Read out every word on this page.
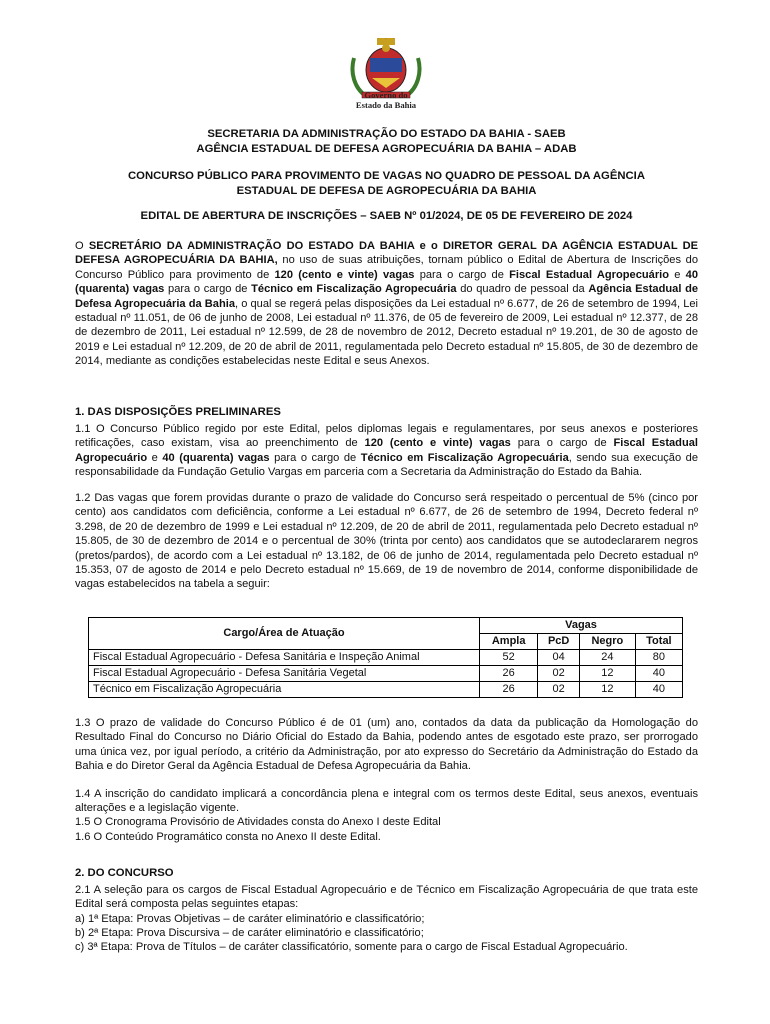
Governo do
Estado da Bahia
SECRETARIA DA ADMINISTRAÇÃO DO ESTADO DA BAHIA - SAEB
AGÊNCIA ESTADUAL DE DEFESA AGROPECUÁRIA DA BAHIA – ADAB
CONCURSO PÚBLICO PARA PROVIMENTO DE VAGAS NO QUADRO DE PESSOAL DA AGÊNCIA
ESTADUAL DE DEFESA DE AGROPECUÁRIA DA BAHIA
EDITAL DE ABERTURA DE INSCRIÇÕES – SAEB Nº 01/2024, DE 05 DE FEVEREIRO DE 2024
O SECRETÁRIO DA ADMINISTRAÇÃO DO ESTADO DA BAHIA e o DIRETOR GERAL DA AGÊNCIA ESTADUAL DE DEFESA AGROPECUÁRIA DA BAHIA, no uso de suas atribuições, tornam público o Edital de Abertura de Inscrições do Concurso Público para provimento de 120 (cento e vinte) vagas para o cargo de Fiscal Estadual Agropecuário e 40 (quarenta) vagas para o cargo de Técnico em Fiscalização Agropecuária do quadro de pessoal da Agência Estadual de Defesa Agropecuária da Bahia, o qual se regerá pelas disposições da Lei estadual nº 6.677, de 26 de setembro de 1994, Lei estadual nº 11.051, de 06 de junho de 2008, Lei estadual nº 11.376, de 05 de fevereiro de 2009, Lei estadual nº 12.377, de 28 de dezembro de 2011, Lei estadual nº 12.599, de 28 de novembro de 2012, Decreto estadual nº 19.201, de 30 de agosto de 2019 e Lei estadual nº 12.209, de 20 de abril de 2011, regulamentada pelo Decreto estadual nº 15.805, de 30 de dezembro de 2014, mediante as condições estabelecidas neste Edital e seus Anexos.
1. DAS DISPOSIÇÕES PRELIMINARES
1.1 O Concurso Público regido por este Edital, pelos diplomas legais e regulamentares, por seus anexos e posteriores retificações, caso existam, visa ao preenchimento de 120 (cento e vinte) vagas para o cargo de Fiscal Estadual Agropecuário e 40 (quarenta) vagas para o cargo de Técnico em Fiscalização Agropecuária, sendo sua execução de responsabilidade da Fundação Getulio Vargas em parceria com a Secretaria da Administração do Estado da Bahia.
1.2 Das vagas que forem providas durante o prazo de validade do Concurso será respeitado o percentual de 5% (cinco por cento) aos candidatos com deficiência, conforme a Lei estadual nº 6.677, de 26 de setembro de 1994, Decreto federal nº 3.298, de 20 de dezembro de 1999 e Lei estadual nº 12.209, de 20 de abril de 2011, regulamentada pelo Decreto estadual nº 15.805, de 30 de dezembro de 2014 e o percentual de 30% (trinta por cento) aos candidatos que se autodeclararem negros (pretos/pardos), de acordo com a Lei estadual nº 13.182, de 06 de junho de 2014, regulamentada pelo Decreto estadual nº 15.353, 07 de agosto de 2014 e pelo Decreto estadual nº 15.669, de 19 de novembro de 2014, conforme disponibilidade de vagas estabelecidos na tabela a seguir:
Cargo/Área de Atuação	Vagas			
	Ampla	PcD	Negro	Total
Fiscal Estadual Agropecuário - Defesa Sanitária e Inspeção Animal	52	04	24	80
Fiscal Estadual Agropecuário - Defesa Sanitária Vegetal	26	02	12	40
Técnico em Fiscalização Agropecuária	26	02	12	40
1.3 O prazo de validade do Concurso Público é de 01 (um) ano, contados da data da publicação da Homologação do Resultado Final do Concurso no Diário Oficial do Estado da Bahia, podendo antes de esgotado este prazo, ser prorrogado uma única vez, por igual período, a critério da Administração, por ato expresso do Secretário da Administração do Estado da Bahia e do Diretor Geral da Agência Estadual de Defesa Agropecuária da Bahia.
1.4 A inscrição do candidato implicará a concordância plena e integral com os termos deste Edital, seus anexos, eventuais alterações e a legislação vigente.
1.5 O Cronograma Provisório de Atividades consta do Anexo I deste Edital
1.6 O Conteúdo Programático consta no Anexo II deste Edital.
2. DO CONCURSO
2.1 A seleção para os cargos de Fiscal Estadual Agropecuário e de Técnico em Fiscalização Agropecuária de que trata este Edital será composta pelas seguintes etapas:
a) 1ª Etapa: Provas Objetivas – de caráter eliminatório e classificatório;
b) 2ª Etapa: Prova Discursiva – de caráter eliminatório e classificatório;
c) 3ª Etapa: Prova de Títulos – de caráter classificatório, somente para o cargo de Fiscal Estadual Agropecuário.
